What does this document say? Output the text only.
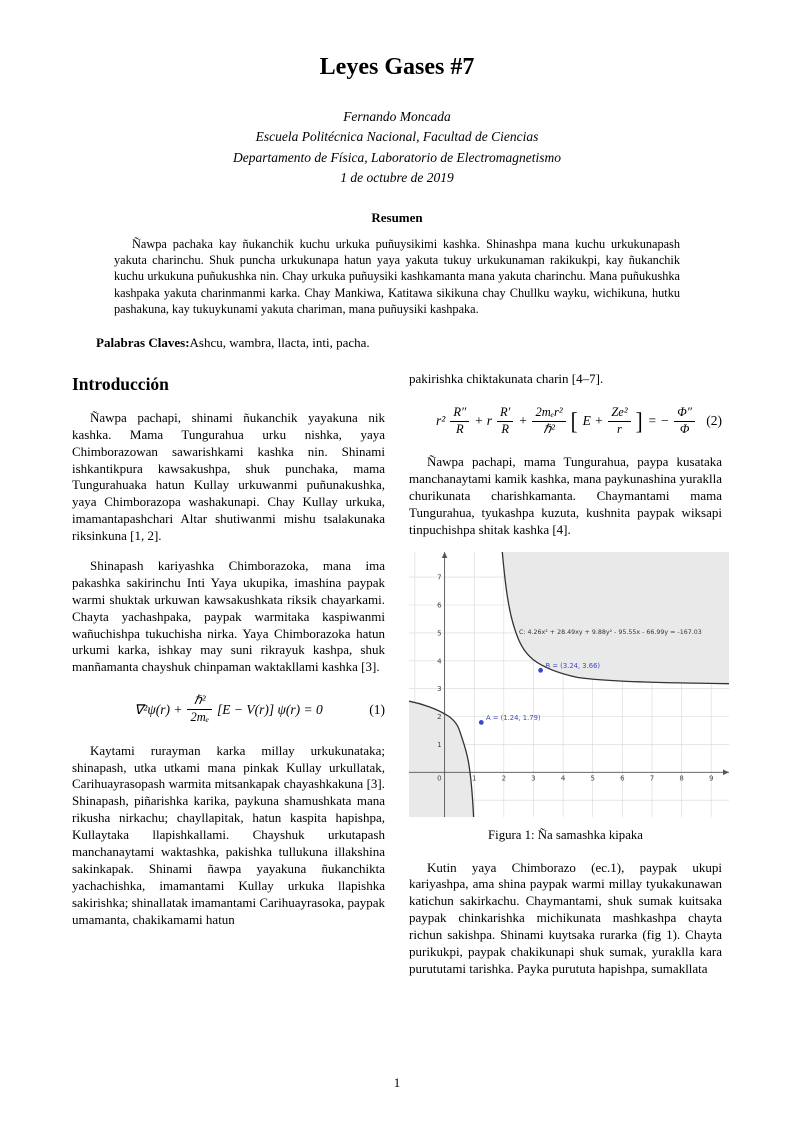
Leyes Gases #7
Fernando Moncada
Escuela Politécnica Nacional, Facultad de Ciencias
Departamento de Física, Laboratorio de Electromagnetismo
1 de octubre de 2019
Resumen

Ñawpa pachaka kay ñukanchik kuchu urkuka puñuysikimi kashka. Shinashpa mana kuchu urkukunapash yakuta charinchu. Shuk puncha urkukunapa hatun yaya yakuta tukuy urkukunaman rakikukpi, kay ñukanchik kuchu urkukuna puñukushka nin. Chay urkuka puñuysiki kashkamanta mana yakuta charinchu. Mana puñukushka kashpaka yakuta charinmanmi karka. Chay Mankiwa, Katitawa sikikuna chay Chullku wayku, wichikuna, hutku pashakuna, kay tukuykunami yakuta chariman, mana puñuysiki kashpaka.

Palabras Claves:Ashcu, wambra, llacta, inti, pacha.

Introducción

Ñawpa pachapi, shinami ñukanchik yayakuna nik kashka. Mama Tungurahua urku nishka, yaya Chimborazowan sawarishkami kashka nin. Shinami ishkantikpura kawsakushpa, shuk punchaka, mama Tungurahuaka hatun Kullay urkuwanmi puñunakushka, yaya Chimborazopa washakunapi. Chay Kullay urkuka, imamantapashchari Altar shutiwanmi mishu tsalakunaka riksinkuna [1, 2].

Shinapash kariyashka Chimborazoka, mana ima pakashka sakirinchu Inti Yaya ukupika, imashina paypak warmi shuktak urkuwan kawsakushkata riksik chayarkami. Chayta yachashpaka, paypak warmitaka kaspiwanmi wañuchishpa tukuchisha nirka. Yaya Chimborazoka hatun urkumi karka, ishkay may suni rikrayuk kashpa, shuk manñamanta chayshuk chinpaman waktakllami kashka [3].

$\nabla^2\psi(r) + \frac{\text{ℏ²}}{\text{2mₑ}} [E - V(r)] \psi(r) = 0$	(1)

Kaytami rurayman karka millay urkukunataka; shinapash, utka utkami mana pinkak Kullay urkullatak, Carihuayrasopash warmita mitsankapak chayashkakuna [3]. Shinapash, piñarishka karika, paykuna shamushkata mana rikusha nirkachu; chayllapitak, hatun kaspita hapishpa, Kullaytaka llapishkallami. Chayshuk urkutapash manchanaytami waktashka, pakishka tullukuna illakshina sakinkapak. Shinami ñawpa yayakuna ñukanchikta yachachishka, imamantami Kullay urkuka llapishka sakirishka; shinallatak imamantami Carihuayrasoka, paypak umamanta, chakikamami hatun

pakirishka chiktakunata charin [4–7].

$r^2 \frac{R''}{R} + r \frac{R'}{R} + \frac{\text{2mₑr²}}{\text{ℏ²}}$ [ $E + \frac{\text{Ze²}}{r}$ ] = − $\frac{\Phi''}{\Phi} (2)$

Ñawpa pachapi, mama Tungurahua, paypa kusataka manchanaytami kamik kashka, mana paykunashina yuraklla churikunata charishkamanta. Chaymantami mama Tungurahua, tyukashpa kuzuta, kushnita paypak wiksapi tinpuchishpa shitak kashka [4].

C: 4.26x² + 28.49xy + 9.88y² - 95.55x - 66.99y = -167.03
A = (1.24, 1.79)
B = (3.24, 3.66)
0	1	2	3	4	5	6	7	8	9
1
2
3
4
5
6
7
Figura 1: Ña samashka kipaka

Kutin yaya Chimborazo (ec.1), paypak ukupi kariyashpa, ama shina paypak warmi millay tyukakunawan katichun sakirkachu. Chaymantami, shuk sumak kuitsaka paypak chinkarishka michikunata mashkashpa chayta richun sakishpa. Shinami kuytsaka rurarka (fig 1). Chayta purikukpi, paypak chakikunapi shuk sumak, yuraklla kara purututami tarishka. Payka purututa hapishpa, sumakllata

1
